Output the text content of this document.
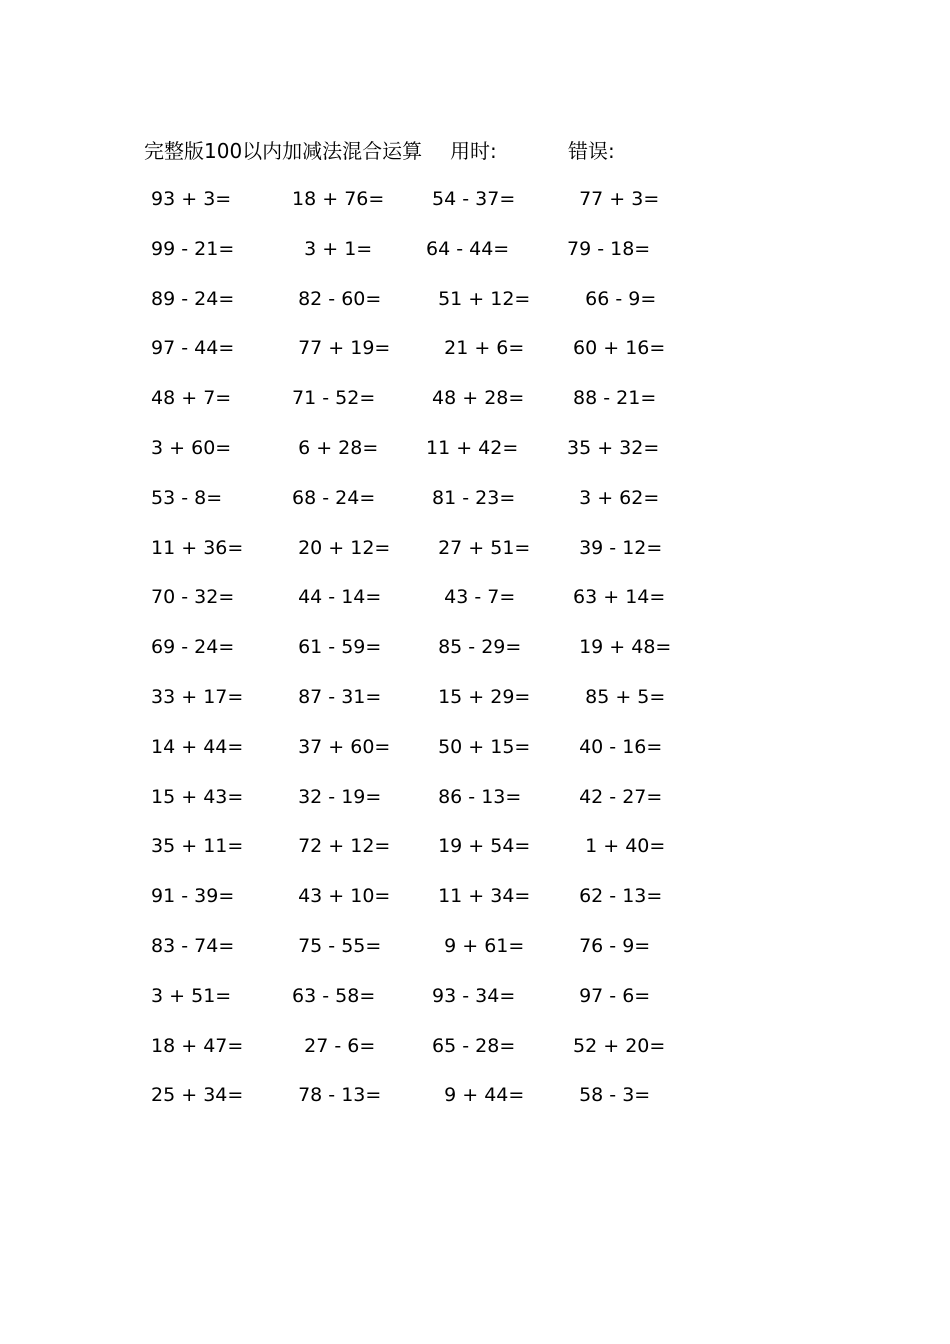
完整版100以内加减法混合运算 用时:	错误:
93 + 3=	18 + 76=	54 - 37=	77 + 3=
99 - 21=	3 + 1=	64 - 44=	79 - 18=
89 - 24=	82 - 60=	51 + 12=	66 - 9=
97 - 44=	77 + 19=	21 + 6=	60 + 16=
48 + 7=	71 - 52=	48 + 28=	88 - 21=
3 + 60=	6 + 28=	11 + 42=	35 + 32=
53 - 8=	68 - 24=	81 - 23=	3 + 62=
11 + 36=	20 + 12=	27 + 51=	39 - 12=
70 - 32=	44 - 14=	43 - 7=	63 + 14=
69 - 24=	61 - 59=	85 - 29=	19 + 48=
33 + 17=	87 - 31=	15 + 29=	85 + 5=
14 + 44=	37 + 60=	50 + 15=	40 - 16=
15 + 43=	32 - 19=	86 - 13=	42 - 27=
35 + 11=	72 + 12=	19 + 54=	1 + 40=
91 - 39=	43 + 10=	11 + 34=	62 - 13=
83 - 74=	75 - 55=	9 + 61=	76 - 9=
3 + 51=	63 - 58=	93 - 34=	97 - 6=
18 + 47=	27 - 6=	65 - 28=	52 + 20=
25 + 34=	78 - 13=	9 + 44=	58 - 3=
